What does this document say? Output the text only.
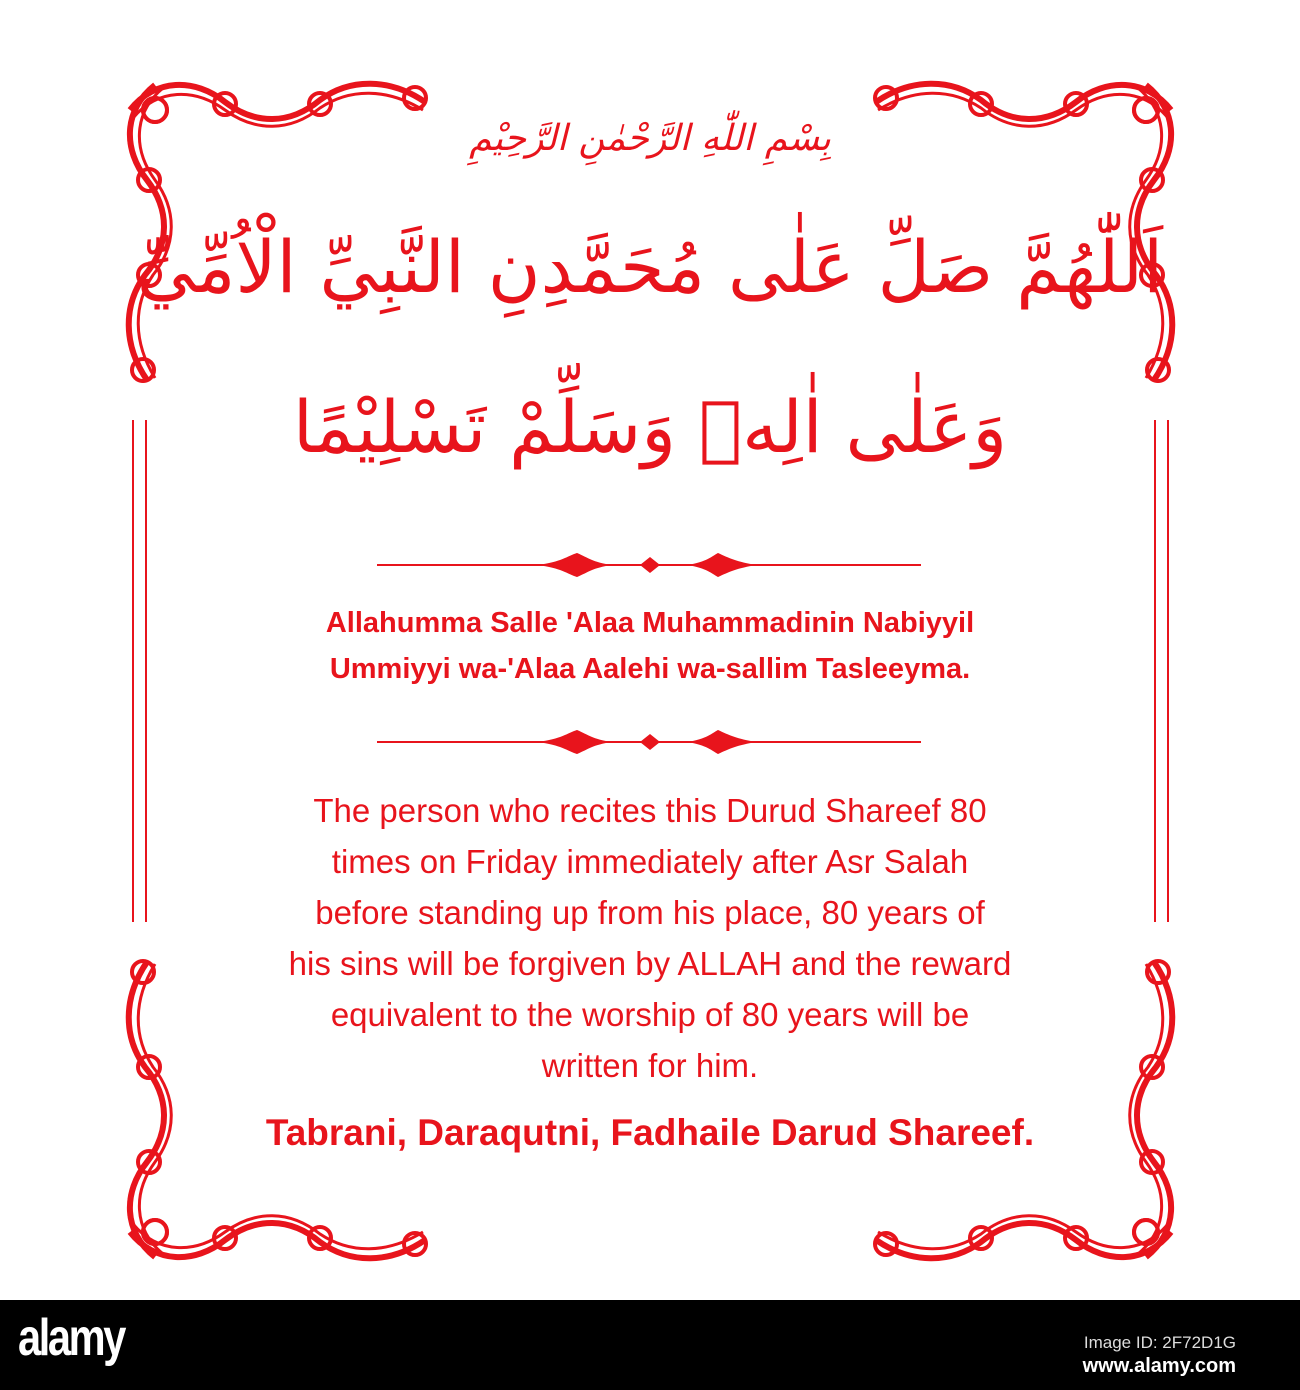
بِسْمِ اللّٰهِ الرَّحْمٰنِ الرَّحِيْمِ
اَللّٰهُمَّ صَلِّ عَلٰى مُحَمَّدِنِ النَّبِيِّ الْاُمِّيِّ
وَعَلٰى اٰلِهٖ وَسَلِّمْ تَسْلِيْمًا
Allahumma Salle 'Alaa Muhammadinin Nabiyyil
Ummiyyi wa-'Alaa Aalehi wa-sallim Tasleeyma.
The person who recites this Durud Shareef 80
times on Friday immediately after Asr Salah
before standing up from his place, 80 years of
his sins will be forgiven by ALLAH and the reward
equivalent to the worship of 80 years will be
written for him.
Tabrani, Daraqutni, Fadhaile Darud Shareef.
alamy	Image ID: 2F72D1G
www.alamy.com
